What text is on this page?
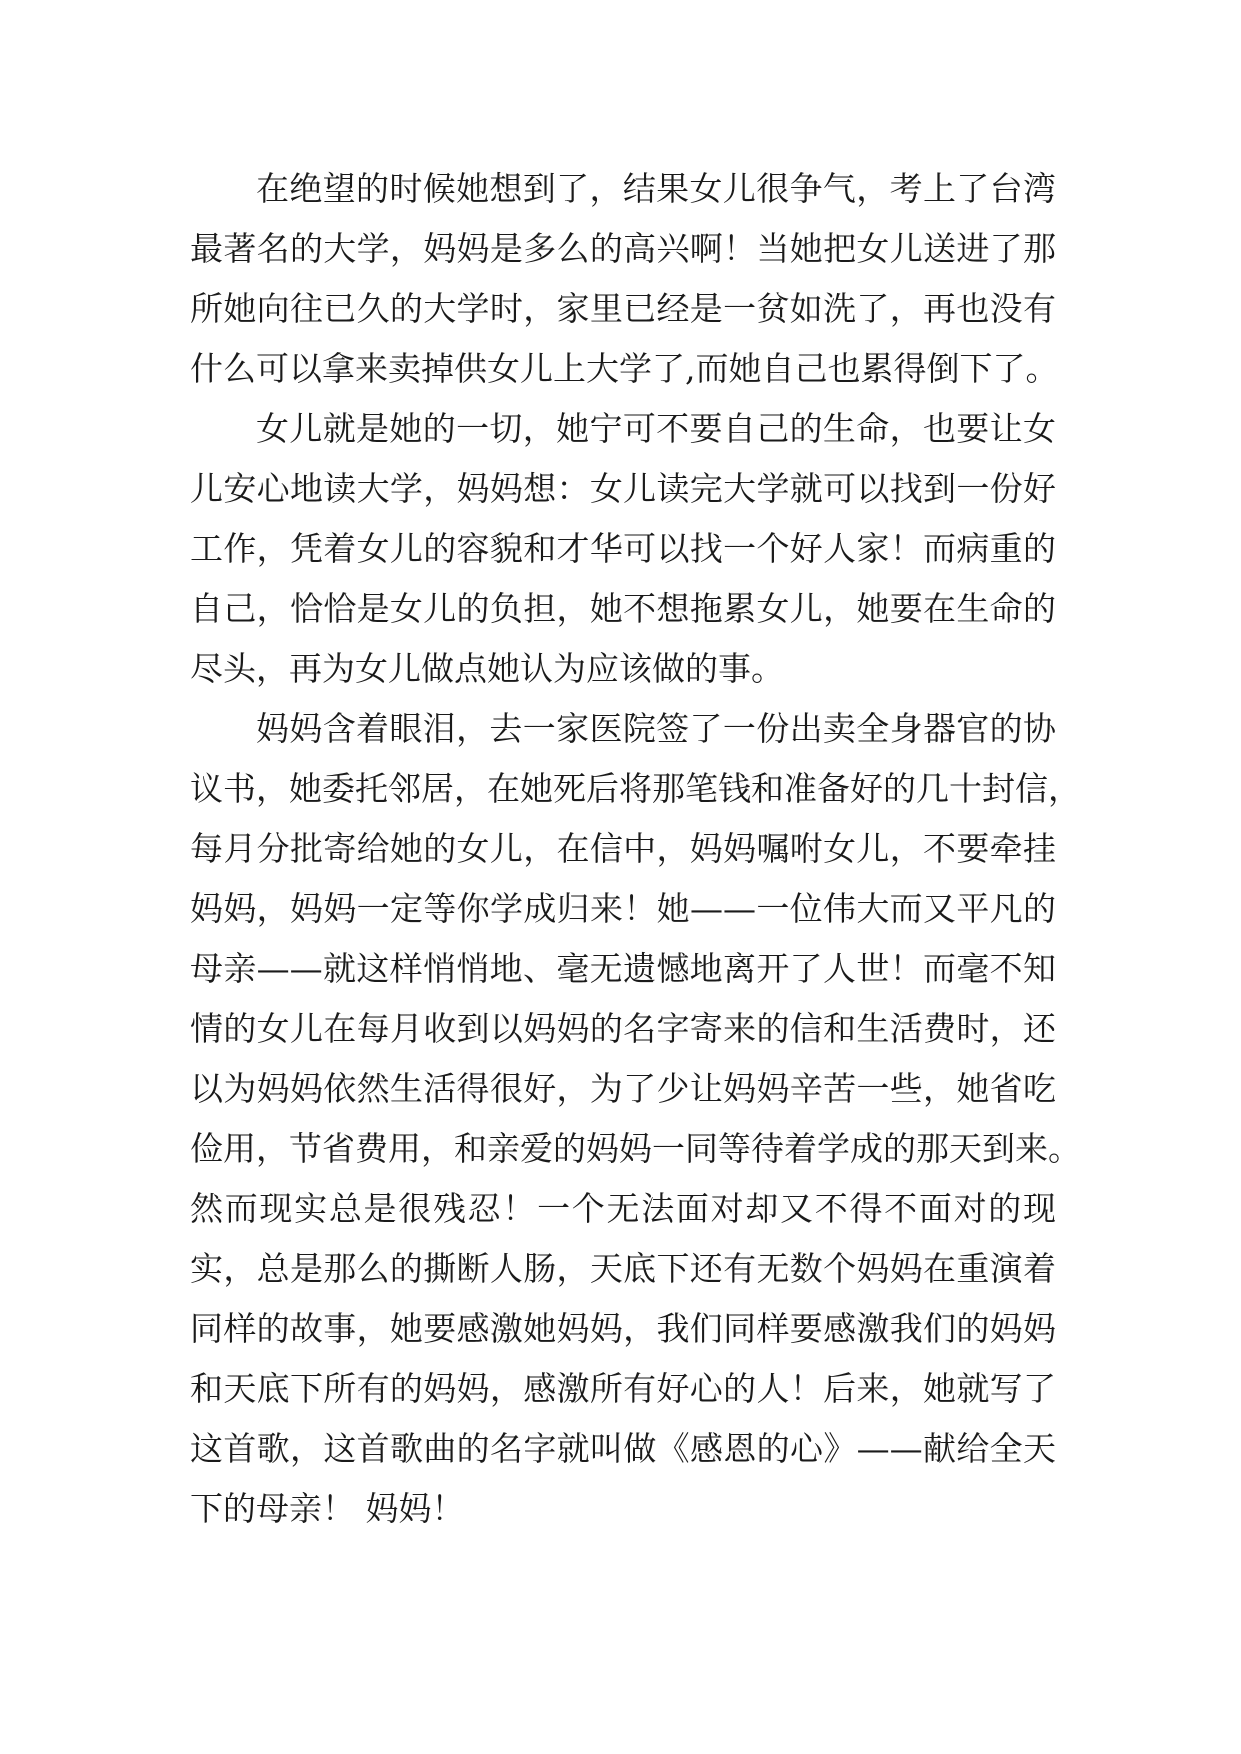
在绝望的时候她想到了，结果女儿很争气，考上了台湾
最著名的大学，妈妈是多么的高兴啊！当她把女儿送进了那
所她向往已久的大学时，家里已经是一贫如洗了，再也没有
什么可以拿来卖掉供女儿上大学了,而她自己也累得倒下了。
女儿就是她的一切，她宁可不要自己的生命，也要让女
儿安心地读大学，妈妈想：女儿读完大学就可以找到一份好
工作，凭着女儿的容貌和才华可以找一个好人家！而病重的
自己，恰恰是女儿的负担，她不想拖累女儿，她要在生命的
尽头，再为女儿做点她认为应该做的事。
妈妈含着眼泪，去一家医院签了一份出卖全身器官的协
议书，她委托邻居，在她死后将那笔钱和准备好的几十封信，
每月分批寄给她的女儿，在信中，妈妈嘱咐女儿，不要牵挂
妈妈，妈妈一定等你学成归来！她——一位伟大而又平凡的
母亲——就这样悄悄地、毫无遗憾地离开了人世！而毫不知
情的女儿在每月收到以妈妈的名字寄来的信和生活费时，还
以为妈妈依然生活得很好，为了少让妈妈辛苦一些，她省吃
俭用，节省费用，和亲爱的妈妈一同等待着学成的那天到来。
然而现实总是很残忍！一个无法面对却又不得不面对的现
实，总是那么的撕断人肠，天底下还有无数个妈妈在重演着
同样的故事，她要感激她妈妈，我们同样要感激我们的妈妈
和天底下所有的妈妈，感激所有好心的人！后来，她就写了
这首歌，这首歌曲的名字就叫做《感恩的心》——献给全天
下的母亲！ 妈妈！
